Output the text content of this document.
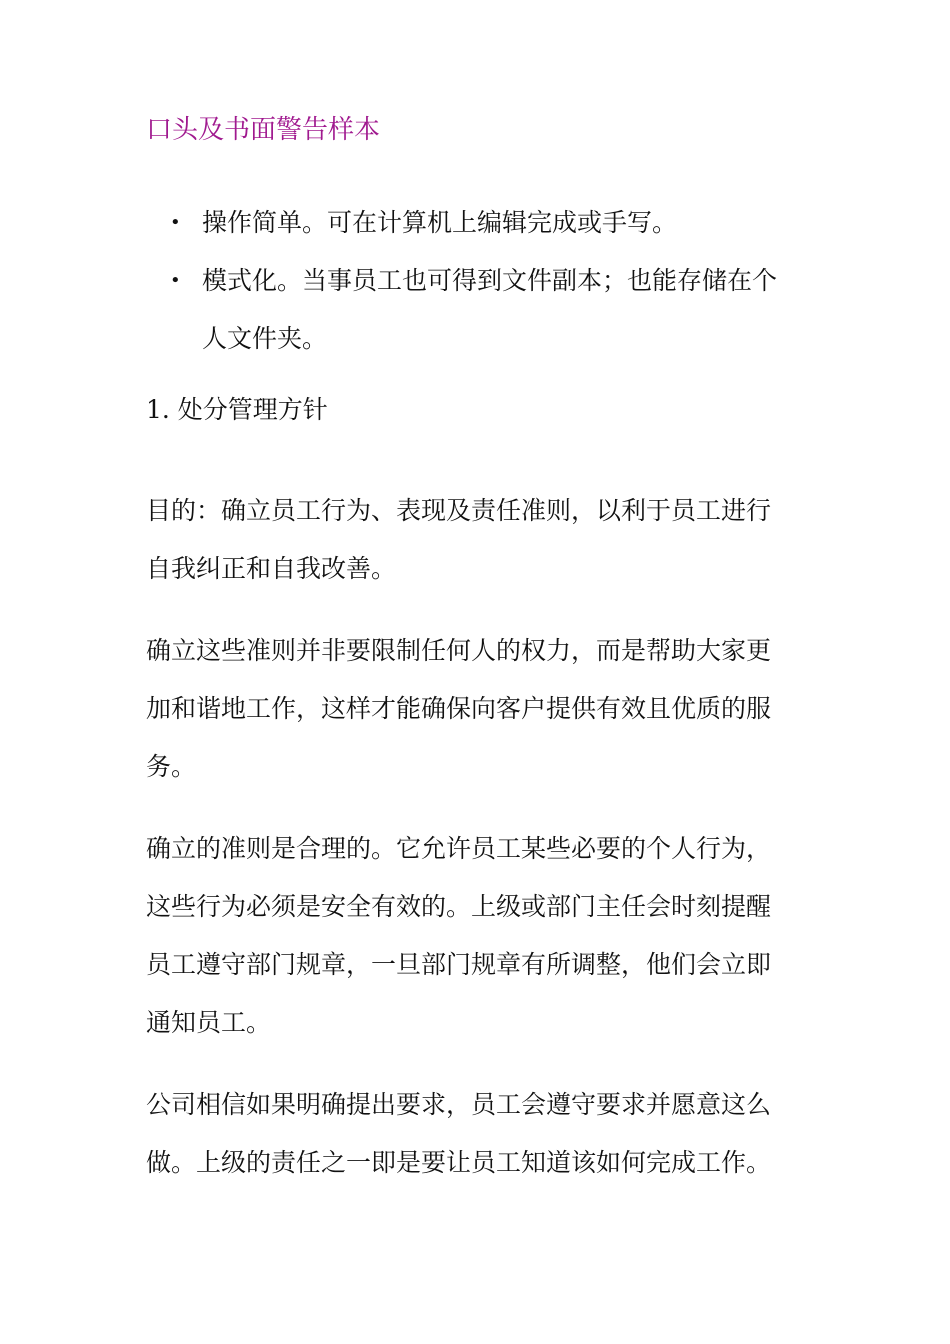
口头及书面警告样本
• 操作简单。可在计算机上编辑完成或手写。
• 模式化。当事员工也可得到文件副本；也能存储在个
人文件夹。
1. 处分管理方针

目的：确立员工行为、表现及责任准则，以利于员工进行
自我纠正和自我改善。

确立这些准则并非要限制任何人的权力，而是帮助大家更
加和谐地工作，这样才能确保向客户提供有效且优质的服
务。

确立的准则是合理的。它允许员工某些必要的个人行为，
这些行为必须是安全有效的。上级或部门主任会时刻提醒
员工遵守部门规章，一旦部门规章有所调整，他们会立即
通知员工。

公司相信如果明确提出要求，员工会遵守要求并愿意这么
做。上级的责任之一即是要让员工知道该如何完成工作。
